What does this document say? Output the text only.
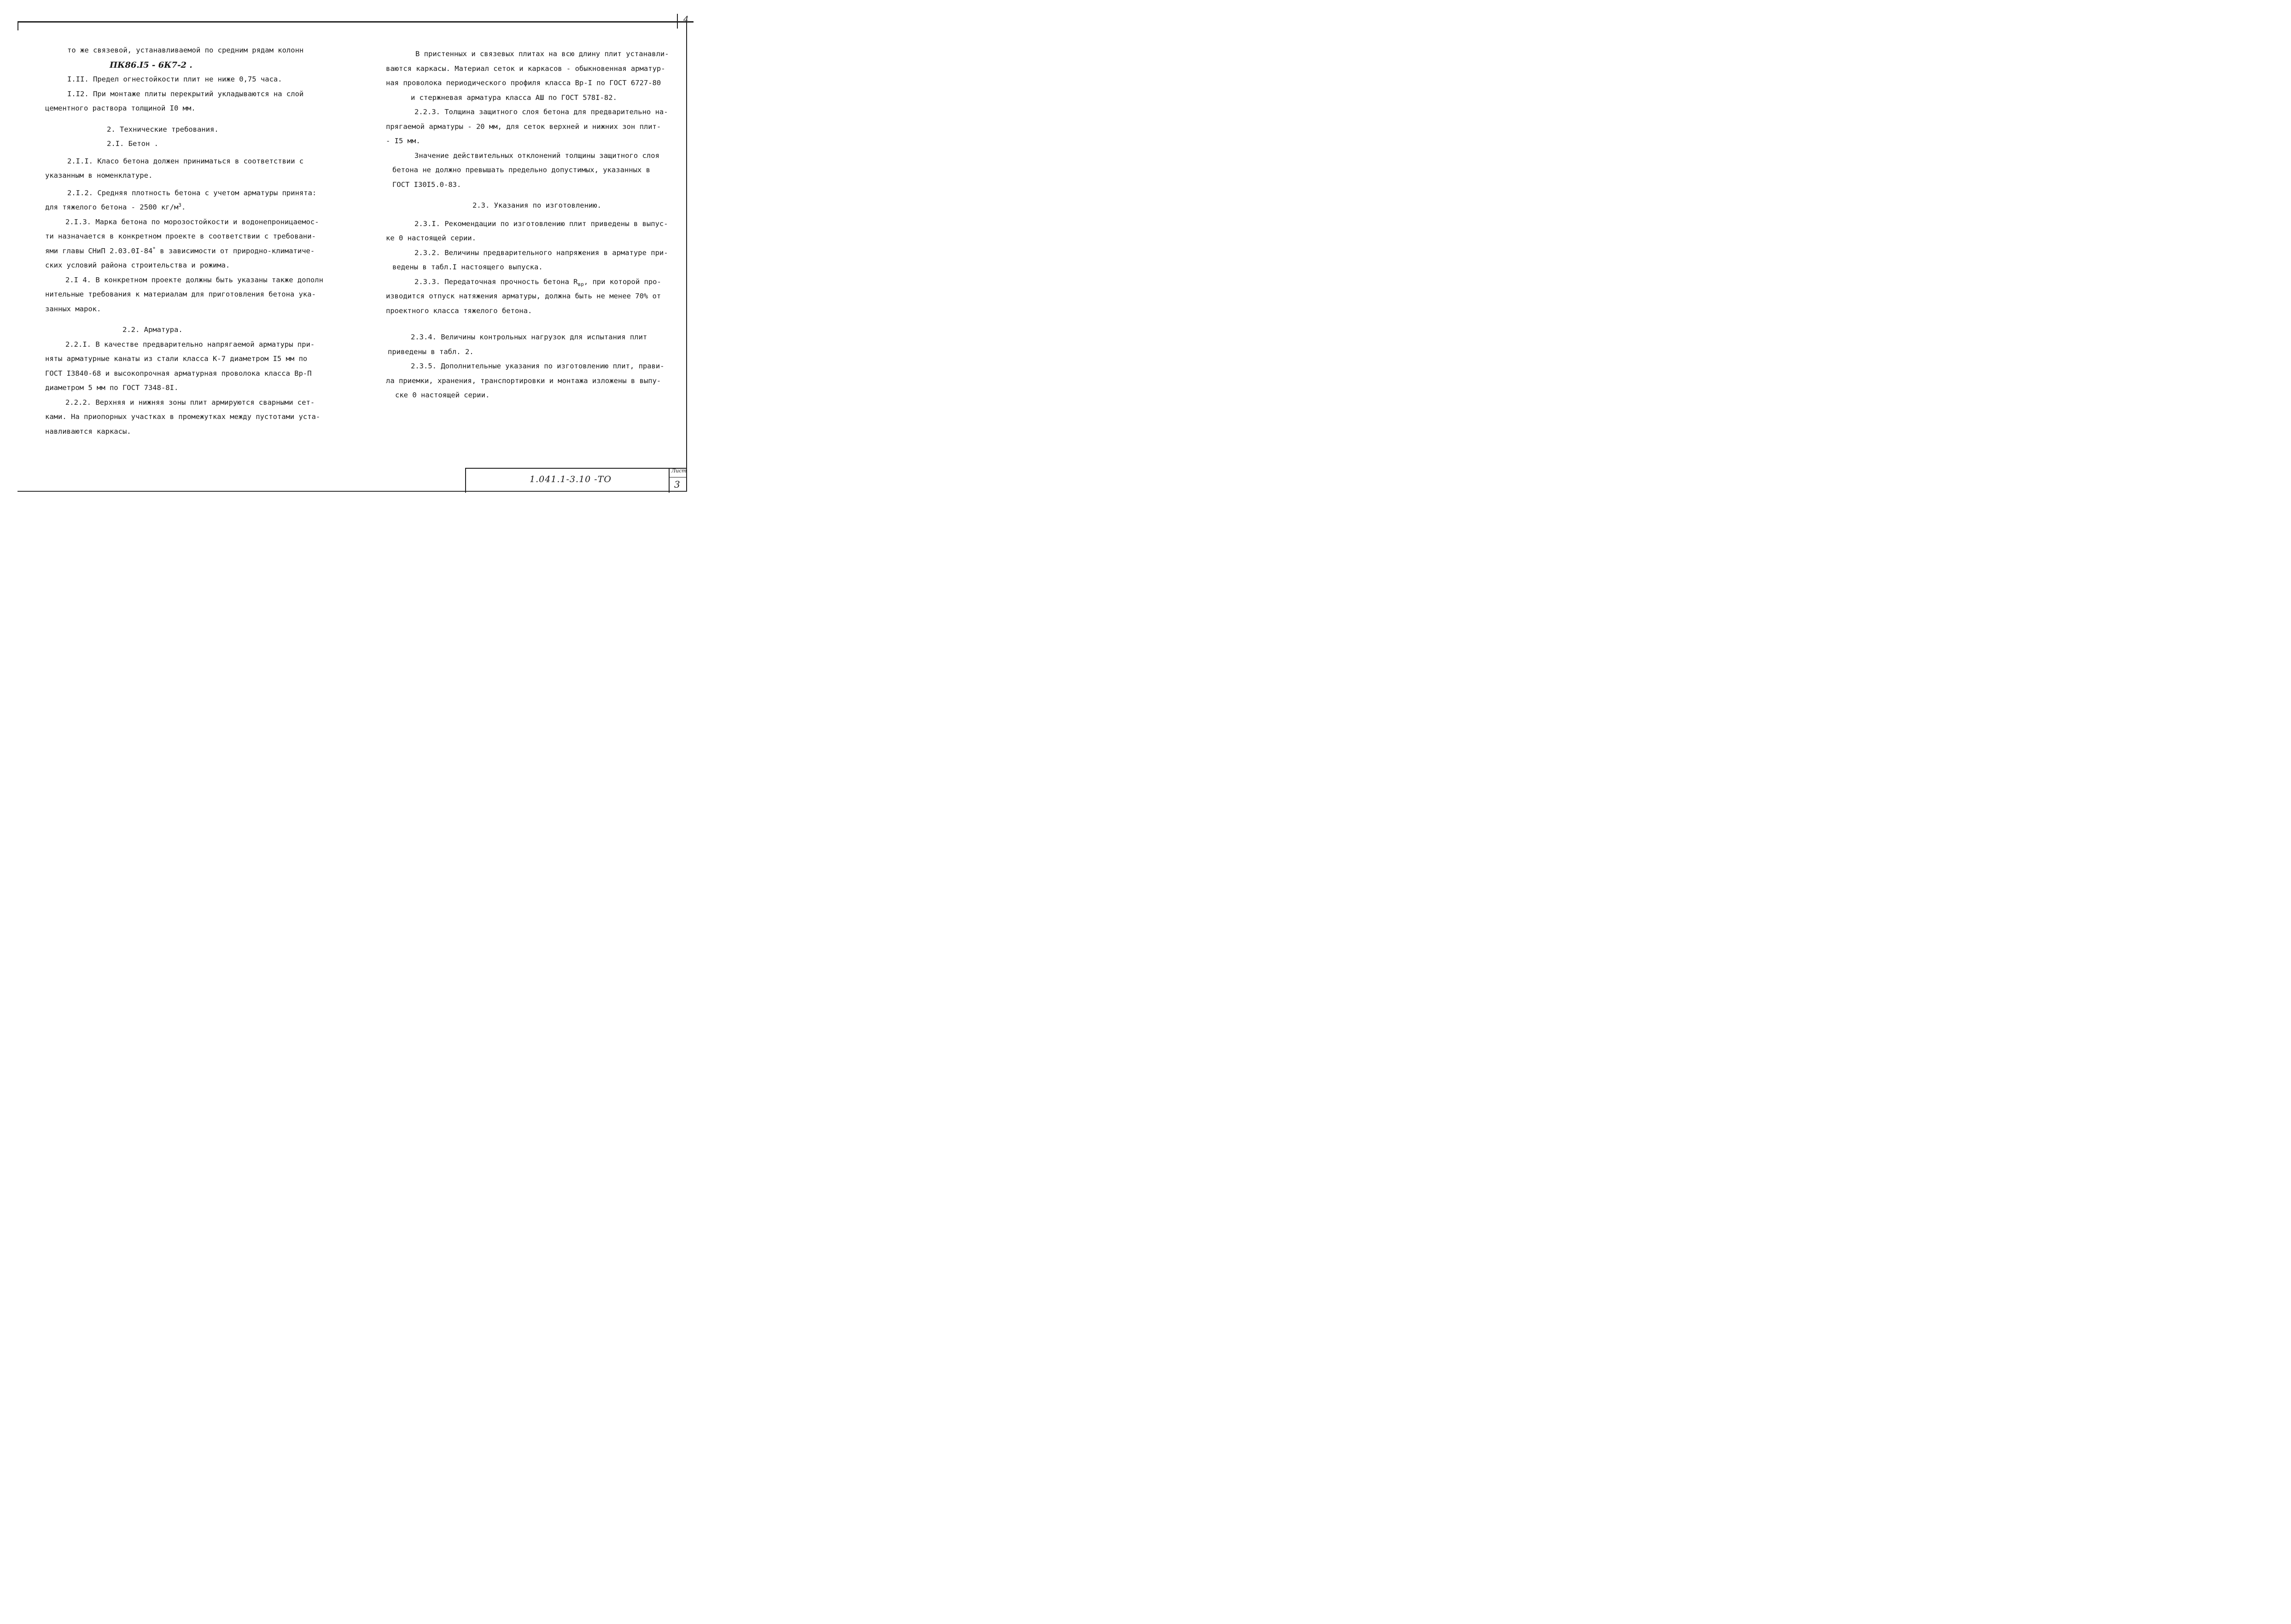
4

то же связевой, устанавливаемой по средним рядам колонн

ПК86.I5 - 6К7-2 .

I.II. Предел огнестойкости плит не ниже 0,75 часа.

I.I2. При монтаже плиты перекрытий укладываются на слой

цементного раствора толщиной I0 мм.

2. Технические требования.

2.I. Бетон .

2.I.I. Класо бетона должен приниматься в соответствии с

указанным в номенклатуре.

2.I.2. Средняя плотность бетона с учетом арматуры принята:

для тяжелого бетона - 2500 $кг/м^3$.

2.I.3. Марка бетона по морозостойкости и водонепроницаемос-

ти назначается в конкретном проекте в соответствии с требовани-

ями главы СНиП 2.03.0I-84* в зависимости от природно-климатиче-

ских условий района строительства и рожима.

2.I 4. В конкретном проекте должны быть указаны также дополн

нительные требования к материалам для приготовления бетона ука-

занных марок.

2.2. Арматура.

2.2.I. В качестве предварительно напрягаемой арматуры при-

няты арматурные канаты из стали класса К-7 диаметром I5 мм по

ГОСТ I3840-68 и высокопрочная арматурная проволока класса Вр-П

диаметром 5 мм по ГОСТ 7348-8I.

2.2.2. Верхняя и нижняя зоны плит армируются сварными сет-

ками. На приопорных участках в промежутках между пустотами уста-

навливаются каркасы.

В пристенных и связевых плитах на всю длину плит устанавли-

ваются каркасы. Материал сеток и каркасов - обыкновенная арматур-

ная проволока периодического профиля класса Вр-I по ГОСТ 6727-80

и стержневая арматура класса АШ по ГОСТ 578I-82.

2.2.3. Толщина защитного слоя бетона для предварительно на-

прягаемой арматуры - 20 мм, для сеток верхней и нижних зон плит-

- I5 мм.

Значение действительных отклонений толщины защитного слоя

бетона не должно превышать предельно допустимых, указанных в

ГОСТ I30I5.0-83.

2.3. Указания по изготовлению.

2.3.I. Рекомендации по изготовлению плит приведены в выпус-

ке 0 настоящей серии.

2.3.2. Величины предварительного напряжения в арматуре при-

ведены в табл.I настоящего выпуска.

2.3.3. Передаточная прочность бетона $R_{вр}$, при которой про-

изводится отпуск натяжения арматуры, должна быть не менее 70% от

проектного класса тяжелого бетона.

2.3.4. Величины контрольных нагрузок для испытания плит

приведены в табл. 2.

2.3.5. Дополнительные указания по изготовлению плит, прави-

ла приемки, хранения, транспортировки и монтажа изложены в выпу-

ске 0 настоящей серии.

1.041.1-3.10 -ТО
Лист
3
